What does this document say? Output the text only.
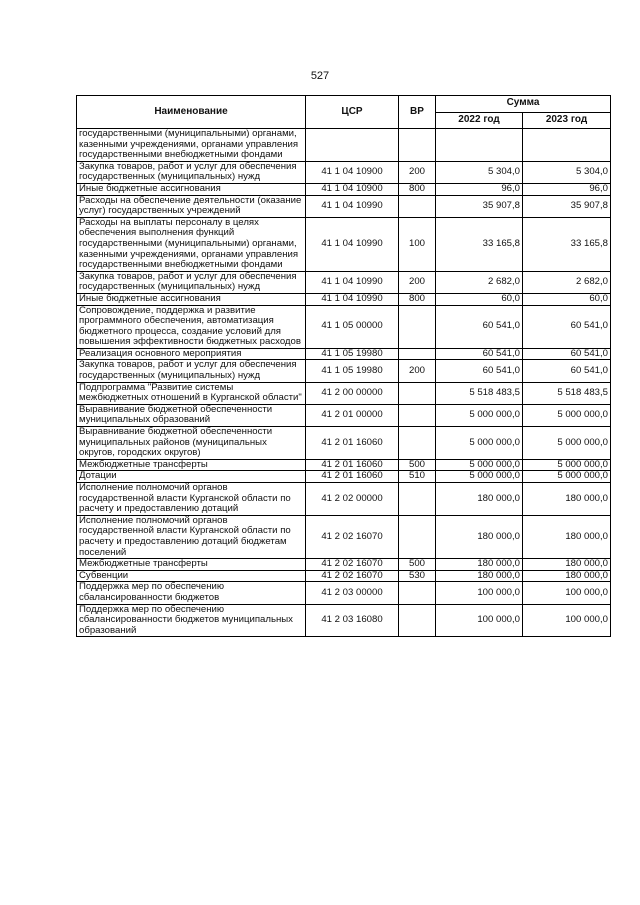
527
Наименование	ЦСР	ВР	Сумма	
			2022 год	2023 год
государственными (муниципальными) органами, казенными учреждениями, органами управления государственными внебюджетными фондами				
Закупка товаров, работ и услуг для обеспечения государственных (муниципальных) нужд	41 1 04 10900	200	5 304,0	5 304,0
Иные бюджетные ассигнования	41 1 04 10900	800	96,0	96,0
Расходы на обеспечение деятельности (оказание услуг) государственных учреждений	41 1 04 10990		35 907,8	35 907,8
Расходы на выплаты персоналу в целях обеспечения выполнения функций государственными (муниципальными) органами, казенными учреждениями, органами управления государственными внебюджетными фондами	41 1 04 10990	100	33 165,8	33 165,8
Закупка товаров, работ и услуг для обеспечения государственных (муниципальных) нужд	41 1 04 10990	200	2 682,0	2 682,0
Иные бюджетные ассигнования	41 1 04 10990	800	60,0	60,0
Сопровождение, поддержка и развитие программного обеспечения, автоматизация бюджетного процесса, создание условий для повышения эффективности бюджетных расходов	41 1 05 00000		60 541,0	60 541,0
Реализация основного мероприятия	41 1 05 19980		60 541,0	60 541,0
Закупка товаров, работ и услуг для обеспечения государственных (муниципальных) нужд	41 1 05 19980	200	60 541,0	60 541,0
Подпрограмма "Развитие системы межбюджетных отношений в Курганской области"	41 2 00 00000		5 518 483,5	5 518 483,5
Выравнивание бюджетной обеспеченности муниципальных образований	41 2 01 00000		5 000 000,0	5 000 000,0
Выравнивание бюджетной обеспеченности муниципальных районов (муниципальных округов, городских округов)	41 2 01 16060		5 000 000,0	5 000 000,0
Межбюджетные трансферты	41 2 01 16060	500	5 000 000,0	5 000 000,0
Дотации	41 2 01 16060	510	5 000 000,0	5 000 000,0
Исполнение полномочий органов государственной власти Курганской области по расчету и предоставлению дотаций	41 2 02 00000		180 000,0	180 000,0
Исполнение полномочий органов государственной власти Курганской области по расчету и предоставлению дотаций бюджетам поселений	41 2 02 16070		180 000,0	180 000,0
Межбюджетные трансферты	41 2 02 16070	500	180 000,0	180 000,0
Субвенции	41 2 02 16070	530	180 000,0	180 000,0
Поддержка мер по обеспечению сбалансированности бюджетов	41 2 03 00000		100 000,0	100 000,0
Поддержка мер по обеспечению сбалансированности бюджетов муниципальных образований	41 2 03 16080		100 000,0	100 000,0
